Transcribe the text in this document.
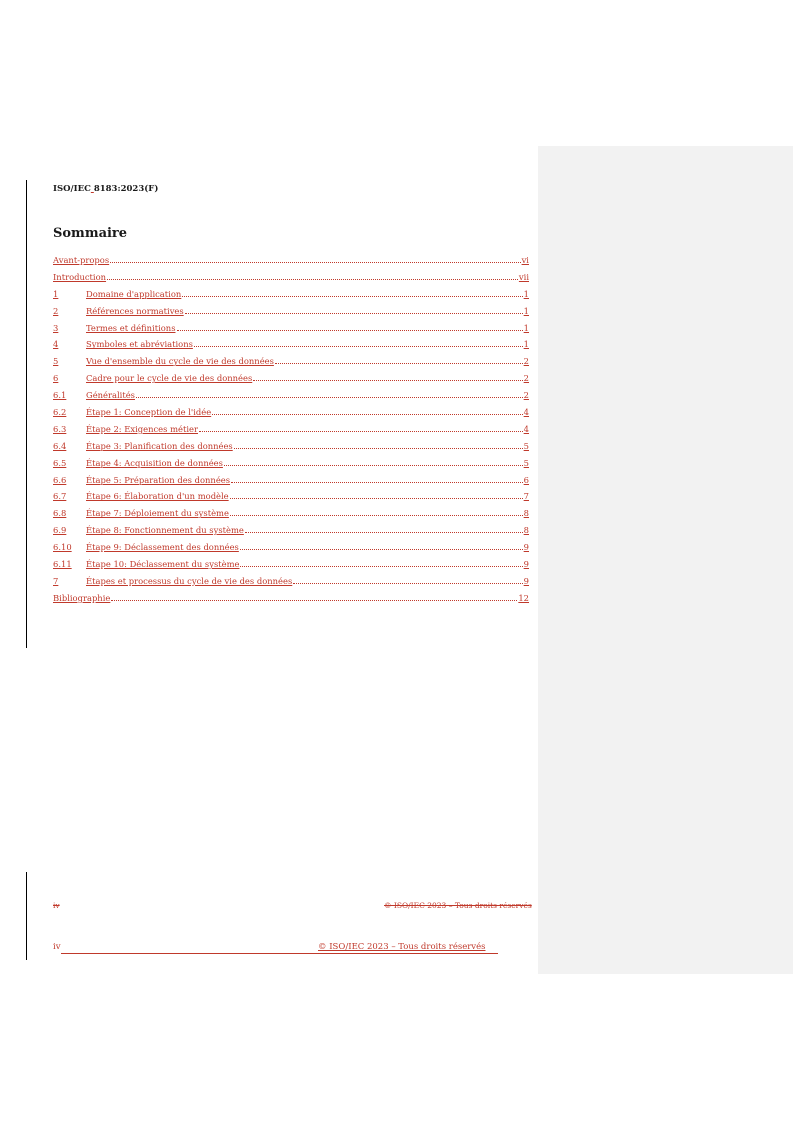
ISO/IEC 8183:2023(F)
Sommaire
Avant-propos	vi
Introduction	vii
1	Domaine d'application	1
2	Références normatives	1
3	Termes et définitions	1
4	Symboles et abréviations	1
5	Vue d'ensemble du cycle de vie des données	2
6	Cadre pour le cycle de vie des données	2
6.1	Généralités	2
6.2	Étape 1: Conception de l'idée	4
6.3	Étape 2: Exigences métier	4
6.4	Étape 3: Planification des données	5
6.5	Étape 4: Acquisition de données	5
6.6	Étape 5: Préparation des données	6
6.7	Étape 6: Élaboration d'un modèle	7
6.8	Étape 7: Déploiement du système	8
6.9	Étape 8: Fonctionnement du système	8
6.10	Étape 9: Déclassement des données	9
6.11	Étape 10: Déclassement du système	9
7	Étapes et processus du cycle de vie des données	9
Bibliographie	12
iv	© ISO/IEC 2023 – Tous droits réservés
iv	© ISO/IEC 2023 – Tous droits réservés
